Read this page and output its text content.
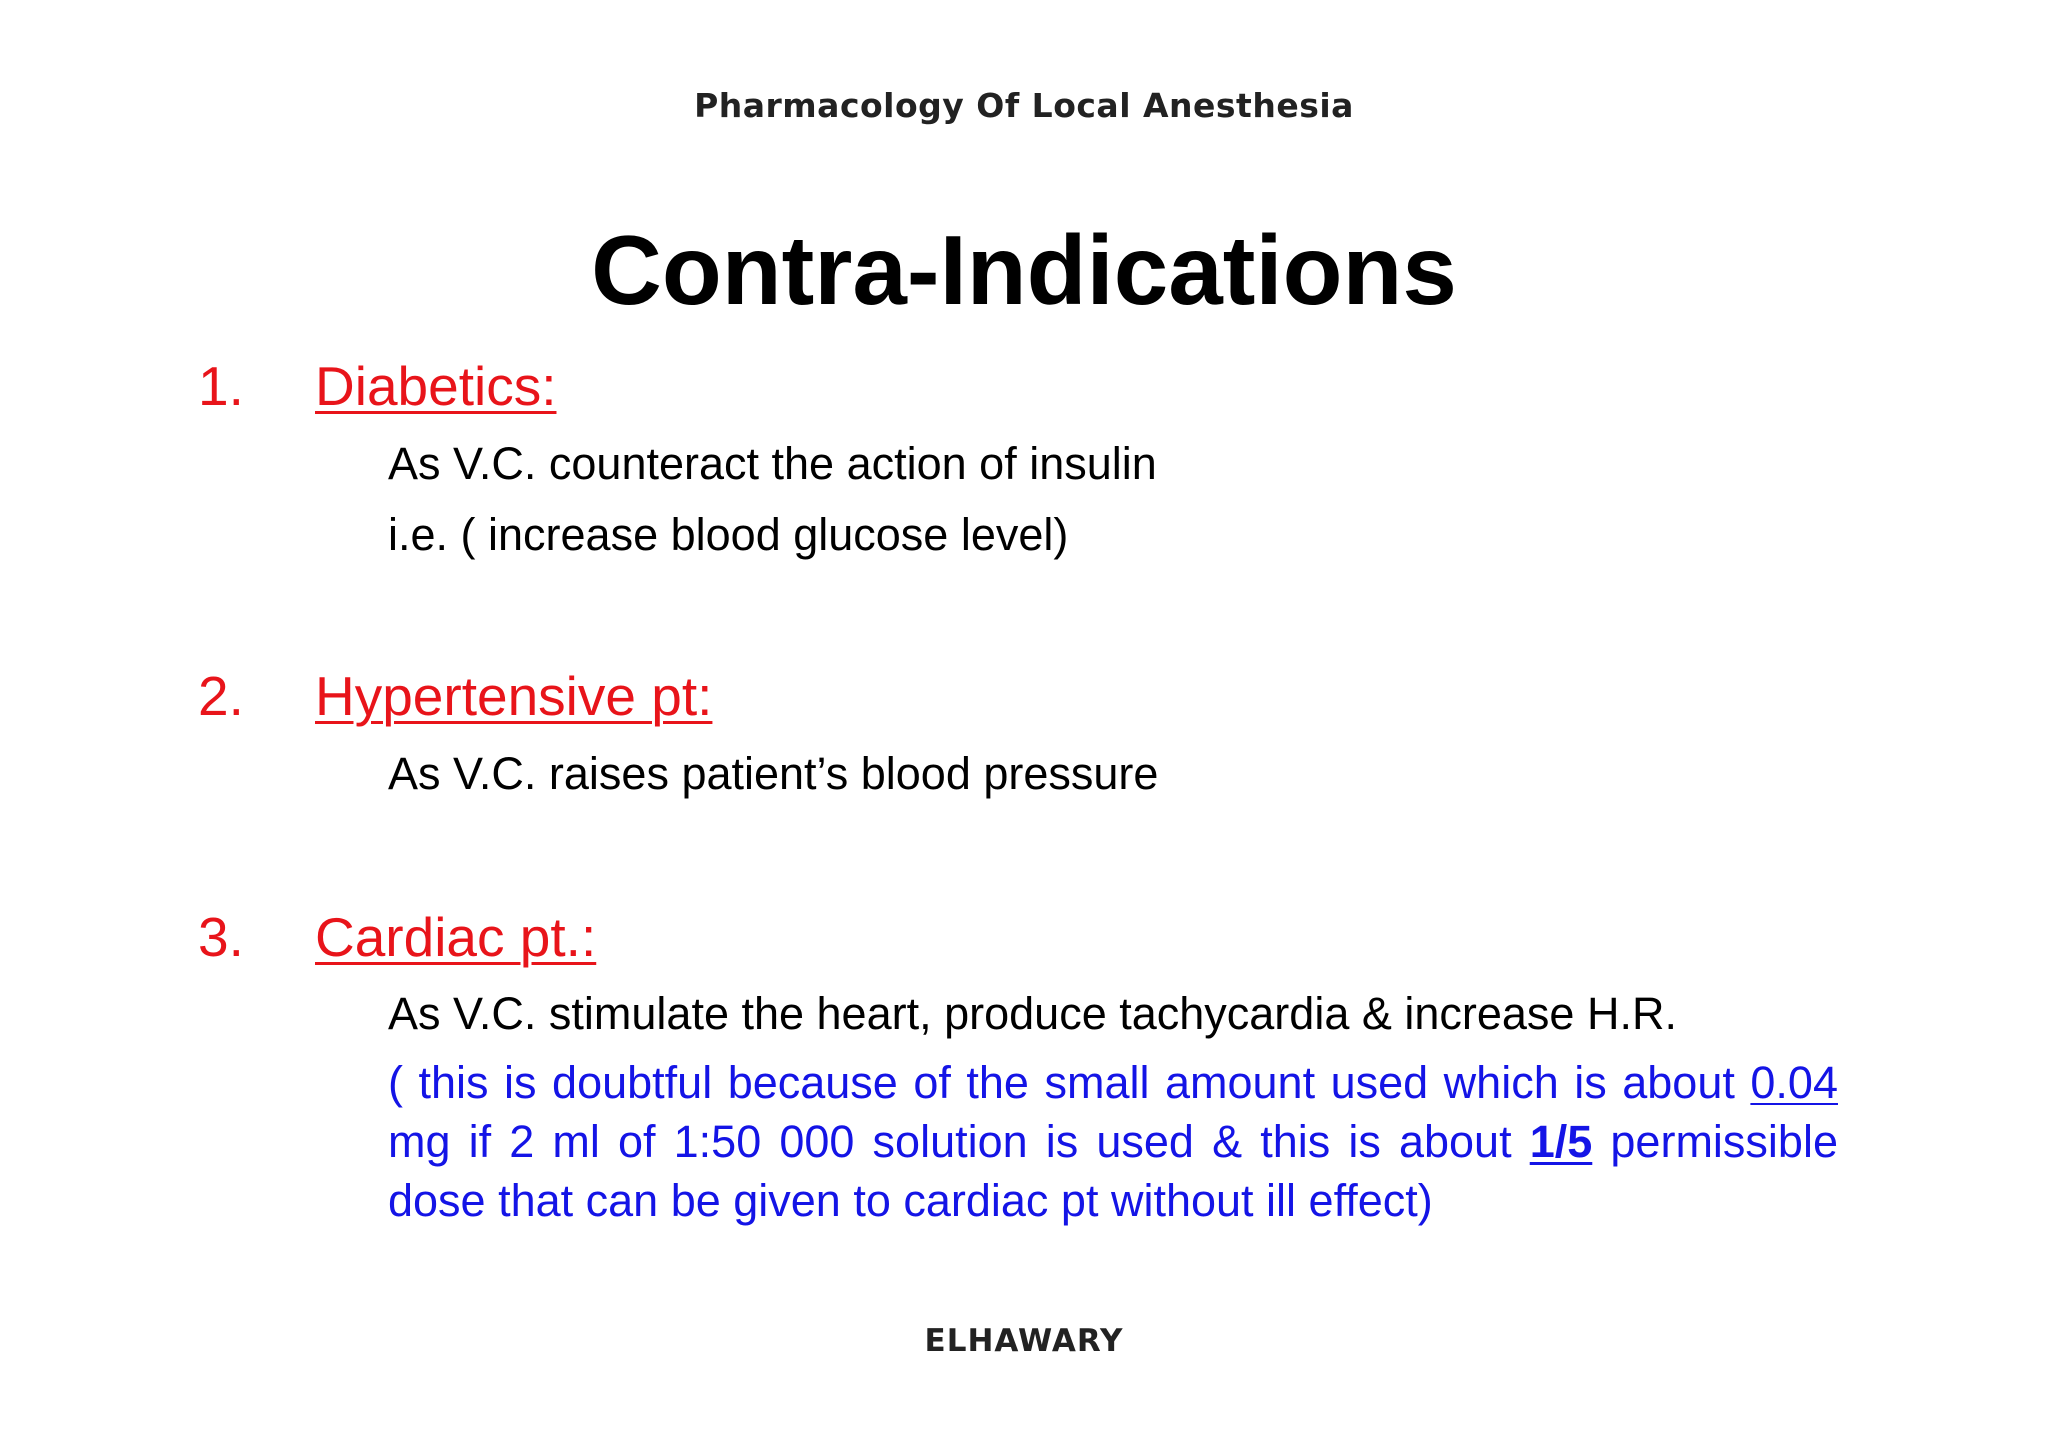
Pharmacology Of Local Anesthesia
Contra-Indications
1. Diabetics:
As V.C. counteract the action of insulin
i.e. ( increase blood glucose level)
2. Hypertensive pt:
As V.C. raises patient’s blood pressure
3. Cardiac pt.:
As V.C. stimulate the heart, produce tachycardia & increase H.R.
( this is doubtful because of the small amount used which is about 0.04 mg if 2 ml of 1:50 000 solution is used & this is about 1/5 permissible dose that can be given to cardiac pt without ill effect)
ELHAWARY
